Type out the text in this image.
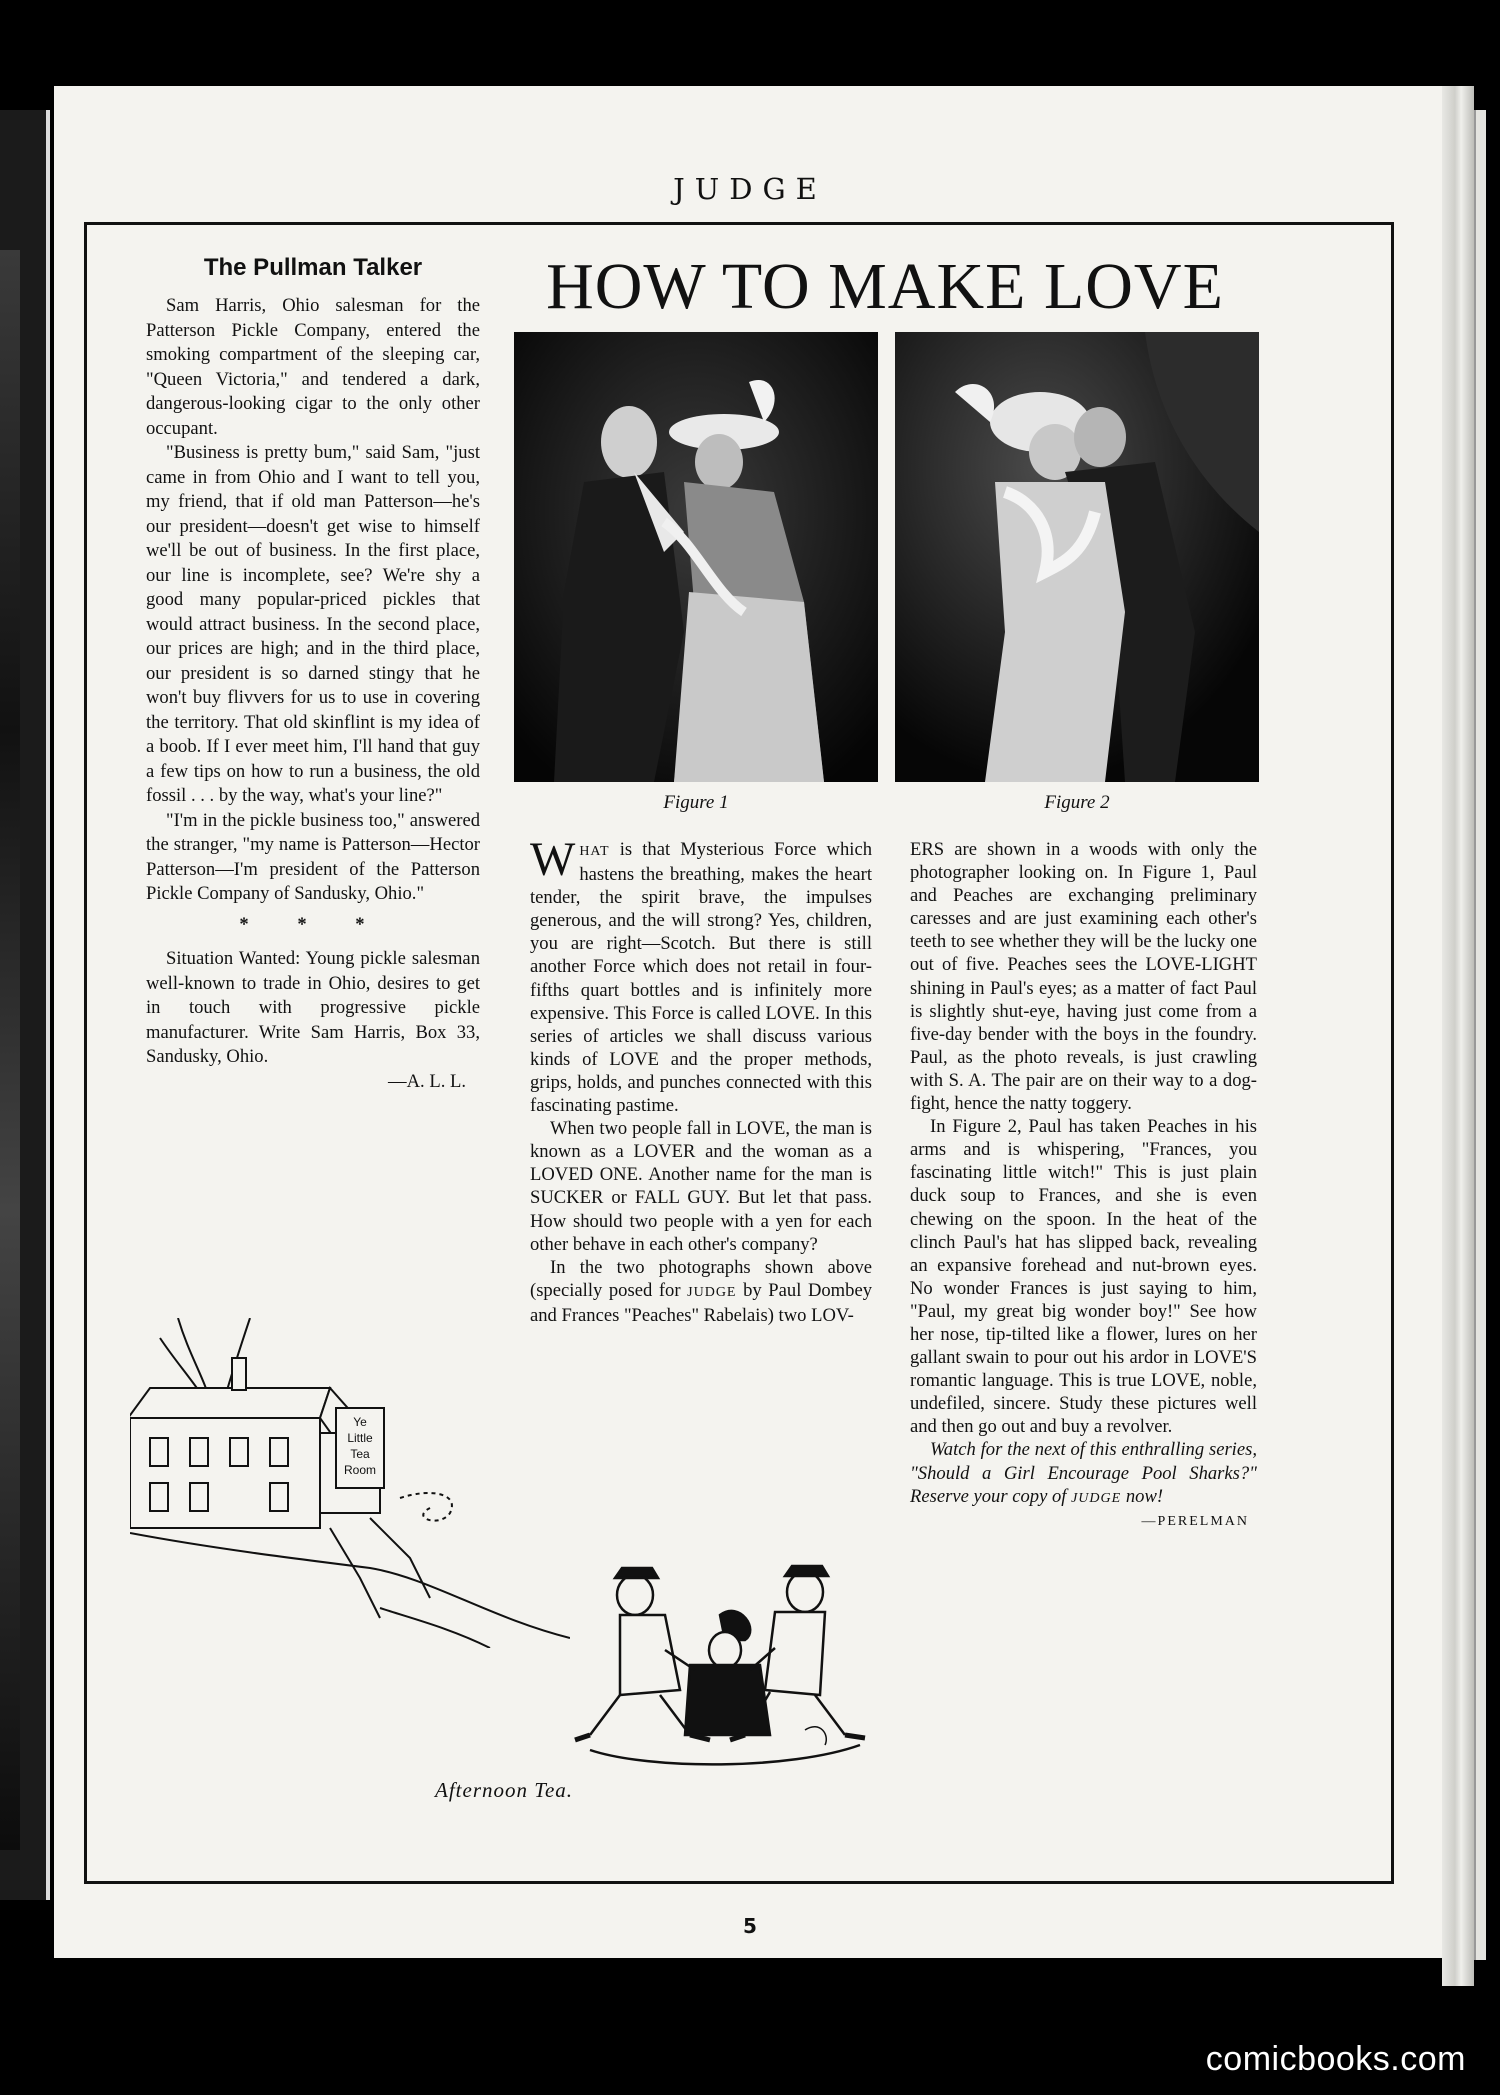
JUDGE
The Pullman Talker

Sam Harris, Ohio salesman for the Patterson Pickle Company, entered the smoking compartment of the sleeping car, "Queen Victoria," and tendered a dark, dangerous-looking cigar to the only other occupant.

"Business is pretty bum," said Sam, "just came in from Ohio and I want to tell you, my friend, that if old man Patterson—he's our president—doesn't get wise to himself we'll be out of business. In the first place, our line is incomplete, see? We're shy a good many popular-priced pickles that would attract business. In the second place, our prices are high; and in the third place, our president is so darned stingy that he won't buy flivvers for us to use in covering the territory. That old skinflint is my idea of a boob. If I ever meet him, I'll hand that guy a few tips on how to run a business, the old fossil . . . by the way, what's your line?"

"I'm in the pickle business too," answered the stranger, "my name is Patterson—Hector Patterson—I'm president of the Patterson Pickle Company of Sandusky, Ohio."

* * *

Situation Wanted: Young pickle salesman well-known to trade in Ohio, desires to get in touch with progressive pickle manufacturer. Write Sam Harris, Box 33, Sandusky, Ohio.

—A. L. L.
Ye
Little
Tea
Room
HOW TO MAKE LOVE
Figure 1	Figure 2

WHAT is that Mysterious Force which hastens the breathing, makes the heart tender, the spirit brave, the impulses generous, and the will strong? Yes, children, you are right—Scotch. But there is still another Force which does not retail in four-fifths quart bottles and is infinitely more expensive. This Force is called LOVE. In this series of articles we shall discuss various kinds of LOVE and the proper methods, grips, holds, and punches connected with this fascinating pastime.

When two people fall in LOVE, the man is known as a LOVER and the woman as a LOVED ONE. Another name for the man is SUCKER or FALL GUY. But let that pass. How should two people with a yen for each other behave in each other's company?

In the two photographs shown above (specially posed for JUDGE by Paul Dombey and Frances "Peaches" Rabelais) two LOV-

ERS are shown in a woods with only the photographer looking on. In Figure 1, Paul and Peaches are exchanging preliminary caresses and are just examining each other's teeth to see whether they will be the lucky one out of five. Peaches sees the LOVE-LIGHT shining in Paul's eyes; as a matter of fact Paul is slightly shut-eye, having just come from a five-day bender with the boys in the foundry. Paul, as the photo reveals, is just crawling with S. A. The pair are on their way to a dog-fight, hence the natty toggery.

In Figure 2, Paul has taken Peaches in his arms and is whispering, "Frances, you fascinating little witch!" This is just plain duck soup to Frances, and she is even chewing on the spoon. In the heat of the clinch Paul's hat has slipped back, revealing an expansive forehead and nut-brown eyes. No wonder Frances is just saying to him, "Paul, my great big wonder boy!" See how her nose, tip-tilted like a flower, lures on her gallant swain to pour out his ardor in LOVE'S romantic language. This is true LOVE, noble, undefiled, sincere. Study these pictures well and then go out and buy a revolver.

Watch for the next of this enthralling series, "Should a Girl Encourage Pool Sharks?" Reserve your copy of JUDGE now!

—PERELMAN
Afternoon Tea.
5
comicbooks.com
